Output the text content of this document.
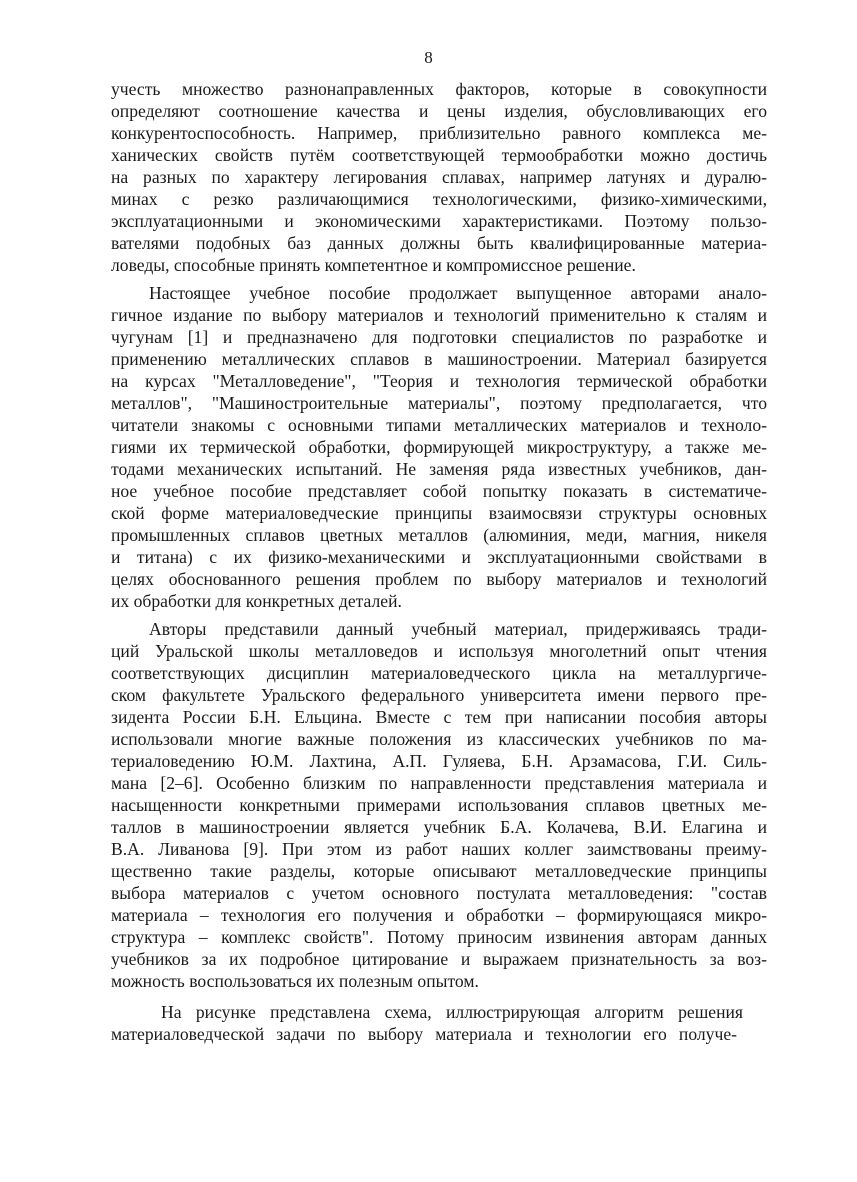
8
учесть множество разнонаправленных факторов, которые в совокупности
определяют соотношение качества и цены изделия, обусловливающих его
конкурентоспособность. Например, приблизительно равного комплекса ме-
ханических свойств путём соответствующей термообработки можно достичь
на разных по характеру легирования сплавах, например латунях и дуралю-
минах с резко различающимися технологическими, физико-химическими,
эксплуатационными и экономическими характеристиками. Поэтому пользо-
вателями подобных баз данных должны быть квалифицированные материа-
ловеды, способные принять компетентное и компромиссное решение.
Настоящее учебное пособие продолжает выпущенное авторами анало-
гичное издание по выбору материалов и технологий применительно к сталям и
чугунам [1] и предназначено для подготовки специалистов по разработке и
применению металлических сплавов в машиностроении. Материал базируется
на курсах "Металловедение", "Теория и технология термической обработки
металлов", "Машиностроительные материалы", поэтому предполагается, что
читатели знакомы с основными типами металлических материалов и техноло-
гиями их термической обработки, формирующей микроструктуру, а также ме-
тодами механических испытаний. Не заменяя ряда известных учебников, дан-
ное учебное пособие представляет собой попытку показать в систематиче-
ской форме материаловедческие принципы взаимосвязи структуры основных
промышленных сплавов цветных металлов (алюминия, меди, магния, никеля
и титана) с их физико-механическими и эксплуатационными свойствами в
целях обоснованного решения проблем по выбору материалов и технологий
их обработки для конкретных деталей.
Авторы представили данный учебный материал, придерживаясь тради-
ций Уральской школы металловедов и используя многолетний опыт чтения
соответствующих дисциплин материаловедческого цикла на металлургиче-
ском факультете Уральского федерального университета имени первого пре-
зидента России Б.Н. Ельцина. Вместе с тем при написании пособия авторы
использовали многие важные положения из классических учебников по ма-
териаловедению Ю.М. Лахтина, А.П. Гуляева, Б.Н. Арзамасова, Г.И. Силь-
мана [2–6]. Особенно близким по направленности представления материала и
насыщенности конкретными примерами использования сплавов цветных ме-
таллов в машиностроении является учебник Б.А. Колачева, В.И. Елагина и
В.А. Ливанова [9]. При этом из работ наших коллег заимствованы преиму-
щественно такие разделы, которые описывают металловедческие принципы
выбора материалов с учетом основного постулата металловедения: "состав
материала – технология его получения и обработки – формирующаяся микро-
структура – комплекс свойств". Потому приносим извинения авторам данных
учебников за их подробное цитирование и выражаем признательность за воз-
можность воспользоваться их полезным опытом.
На рисунке представлена схема, иллюстрирующая алгоритм решения
материаловедческой задачи по выбору материала и технологии его получе-
